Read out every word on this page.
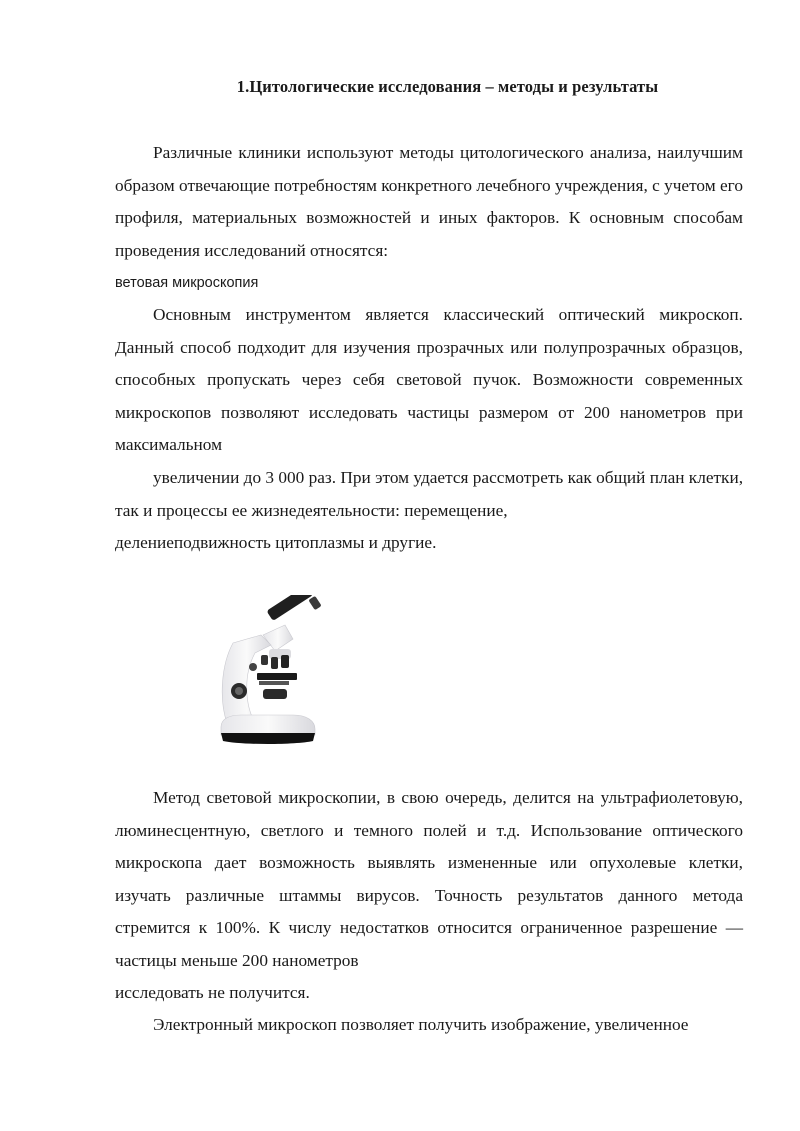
1.Цитологические исследования – методы и результаты
Различные клиники используют методы цитологического анализа, наилучшим образом отвечающие потребностям конкретного лечебного учреждения, с учетом его профиля, материальных возможностей и иных факторов. К основным способам проведения исследований относятся:
ветовая микроскопия
Основным инструментом является классический оптический микроскоп. Данный способ подходит для изучения прозрачных или полупрозрачных образцов, способных пропускать через себя световой пучок. Возможности современных микроскопов позволяют исследовать частицы размером от 200 нанометров при максимальном
увеличении до 3 000 раз. При этом удается рассмотреть как общий план клетки, так и процессы ее жизнедеятельности: перемещение,
делениеподвижность цитоплазмы и другие.
Метод световой микроскопии, в свою очередь, делится на ультрафиолетовую, люминесцентную, светлого и темного полей и т.д. Использование оптического микроскопа дает возможность выявлять измененные или опухолевые клетки, изучать различные штаммы вирусов. Точность результатов данного метода стремится к 100%. К числу недостатков относится ограниченное разрешение — частицы меньше 200 нанометров
исследовать не получится.
Электронный микроскоп позволяет получить изображение, увеличенное
